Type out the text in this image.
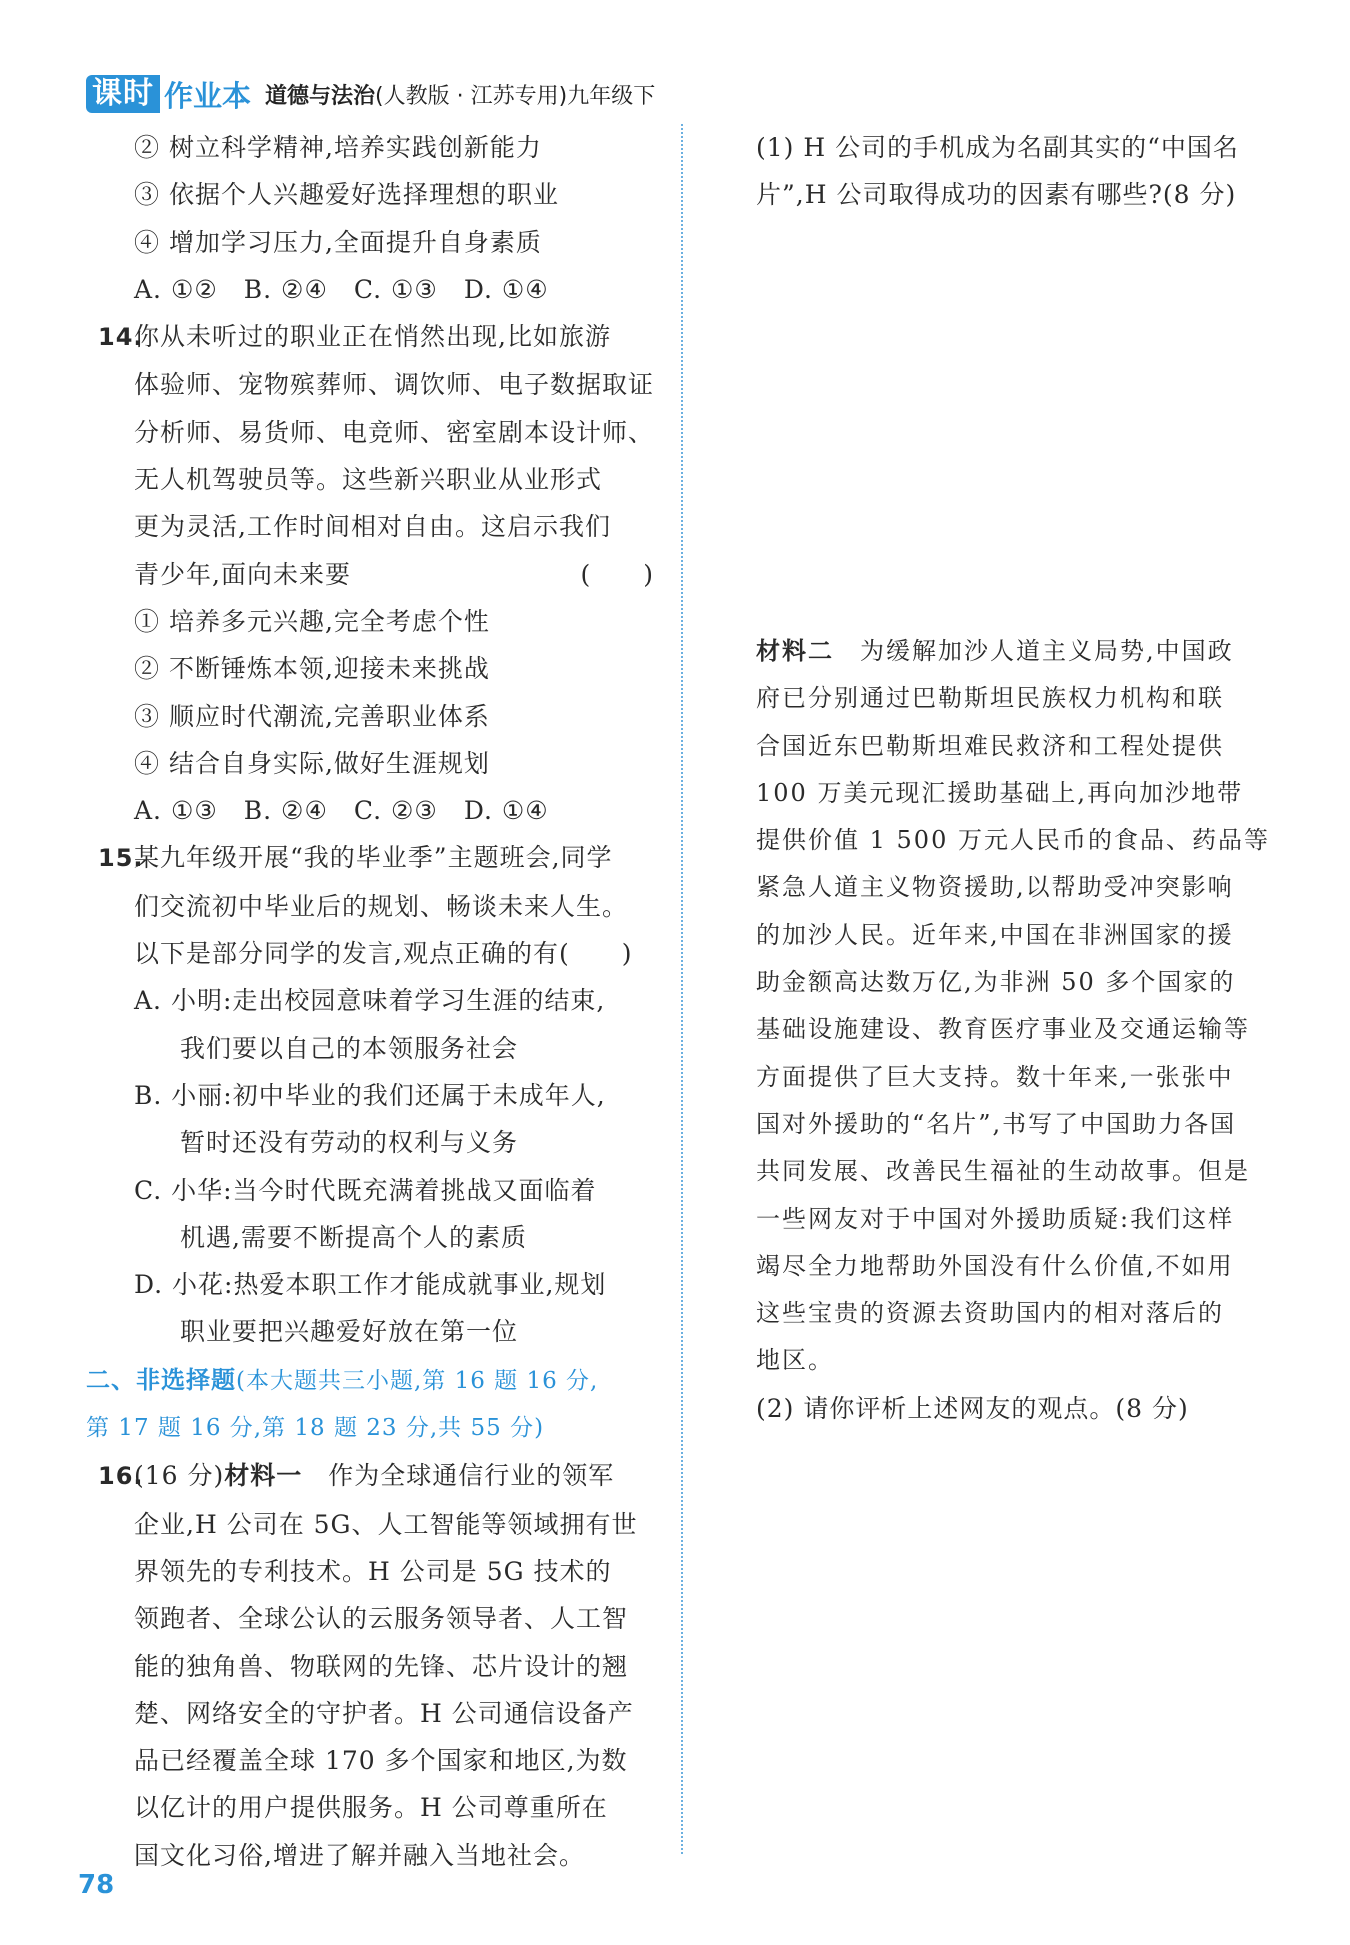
课时 作业本 道德与法治(人教版 · 江苏专用)九年级下
② 树立科学精神,培养实践创新能力
③ 依据个人兴趣爱好选择理想的职业
④ 增加学习压力,全面提升自身素质
A. ①② B. ②④ C. ①③ D. ①④
14.你从未听过的职业正在悄然出现,比如旅游
体验师、宠物殡葬师、调饮师、电子数据取证
分析师、易货师、电竞师、密室剧本设计师、
无人机驾驶员等。这些新兴职业从业形式
更为灵活,工作时间相对自由。这启示我们
青少年,面向未来要	(　　)
① 培养多元兴趣,完全考虑个性
② 不断锤炼本领,迎接未来挑战
③ 顺应时代潮流,完善职业体系
④ 结合自身实际,做好生涯规划
A. ①③ B. ②④ C. ②③ D. ①④
15.某九年级开展“我的毕业季”主题班会,同学
们交流初中毕业后的规划、畅谈未来人生。
以下是部分同学的发言,观点正确的有(　　)
A. 小明:走出校园意味着学习生涯的结束,
我们要以自己的本领服务社会
B. 小丽:初中毕业的我们还属于未成年人,
暂时还没有劳动的权利与义务
C. 小华:当今时代既充满着挑战又面临着
机遇,需要不断提高个人的素质
D. 小花:热爱本职工作才能成就事业,规划
职业要把兴趣爱好放在第一位
二、非选择题(本大题共三小题,第 16 题 16 分,
第 17 题 16 分,第 18 题 23 分,共 55 分)
16.(16 分)材料一　作为全球通信行业的领军
企业,H 公司在 5G、人工智能等领域拥有世
界领先的专利技术。H 公司是 5G 技术的
领跑者、全球公认的云服务领导者、人工智
能的独角兽、物联网的先锋、芯片设计的翘
楚、网络安全的守护者。H 公司通信设备产
品已经覆盖全球 170 多个国家和地区,为数
以亿计的用户提供服务。H 公司尊重所在
国文化习俗,增进了解并融入当地社会。
(1) H 公司的手机成为名副其实的“中国名
片”,H 公司取得成功的因素有哪些?(8 分)
材料二　为缓解加沙人道主义局势,中国政
府已分别通过巴勒斯坦民族权力机构和联
合国近东巴勒斯坦难民救济和工程处提供
100 万美元现汇援助基础上,再向加沙地带
提供价值 1 500 万元人民币的食品、药品等
紧急人道主义物资援助,以帮助受冲突影响
的加沙人民。近年来,中国在非洲国家的援
助金额高达数万亿,为非洲 50 多个国家的
基础设施建设、教育医疗事业及交通运输等
方面提供了巨大支持。数十年来,一张张中
国对外援助的“名片”,书写了中国助力各国
共同发展、改善民生福祉的生动故事。但是
一些网友对于中国对外援助质疑:我们这样
竭尽全力地帮助外国没有什么价值,不如用
这些宝贵的资源去资助国内的相对落后的
地区。
(2) 请你评析上述网友的观点。(8 分)
78
